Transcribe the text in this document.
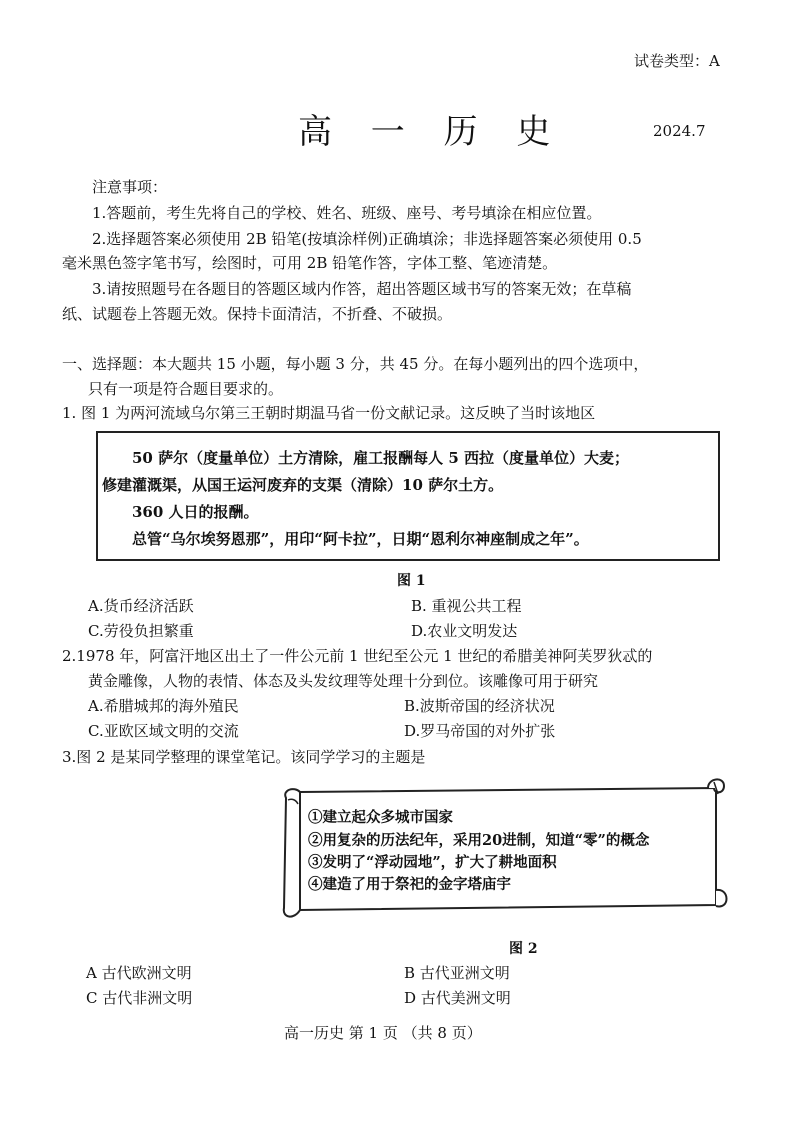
试卷类型：A
高 一 历 史	2024.7
注意事项：
1.答题前，考生先将自己的学校、姓名、班级、座号、考号填涂在相应位置。
2.选择题答案必须使用 2B 铅笔(按填涂样例)正确填涂；非选择题答案必须使用 0.5
毫米黑色签字笔书写，绘图时，可用 2B 铅笔作答，字体工整、笔迹清楚。
3.请按照题号在各题目的答题区域内作答，超出答题区域书写的答案无效；在草稿
纸、试题卷上答题无效。保持卡面清洁，不折叠、不破损。
一、选择题：本大题共 15 小题，每小题 3 分，共 45 分。在每小题列出的四个选项中，
只有一项是符合题目要求的。
1. 图 1 为两河流域乌尔第三王朝时期温马省一份文献记录。这反映了当时该地区
50 萨尔（度量单位）土方清除，雇工报酬每人 5 西拉（度量单位）大麦；
修建灌溉渠，从国王运河废弃的支渠（清除）10 萨尔土方。
360 人日的报酬。
总管“乌尔埃努恩那”，用印“阿卡拉”，日期“恩利尔神座制成之年”。
图 1
A.货币经济活跃	B. 重视公共工程
C.劳役负担繁重	D.农业文明发达
2.1978 年，阿富汗地区出土了一件公元前 1 世纪至公元 1 世纪的希腊美神阿芙罗狄忒的
黄金雕像，人物的表情、体态及头发纹理等处理十分到位。该雕像可用于研究
A.希腊城邦的海外殖民	B.波斯帝国的经济状况
C.亚欧区域文明的交流	D.罗马帝国的对外扩张
3.图 2 是某同学整理的课堂笔记。该同学学习的主题是
①建立起众多城市国家
②用复杂的历法纪年，采用20进制，知道“零”的概念
③发明了“浮动园地”，扩大了耕地面积
④建造了用于祭祀的金字塔庙宇
图 2
A 古代欧洲文明	B 古代亚洲文明
C 古代非洲文明	D 古代美洲文明
高一历史 第 1 页 （共 8 页）
